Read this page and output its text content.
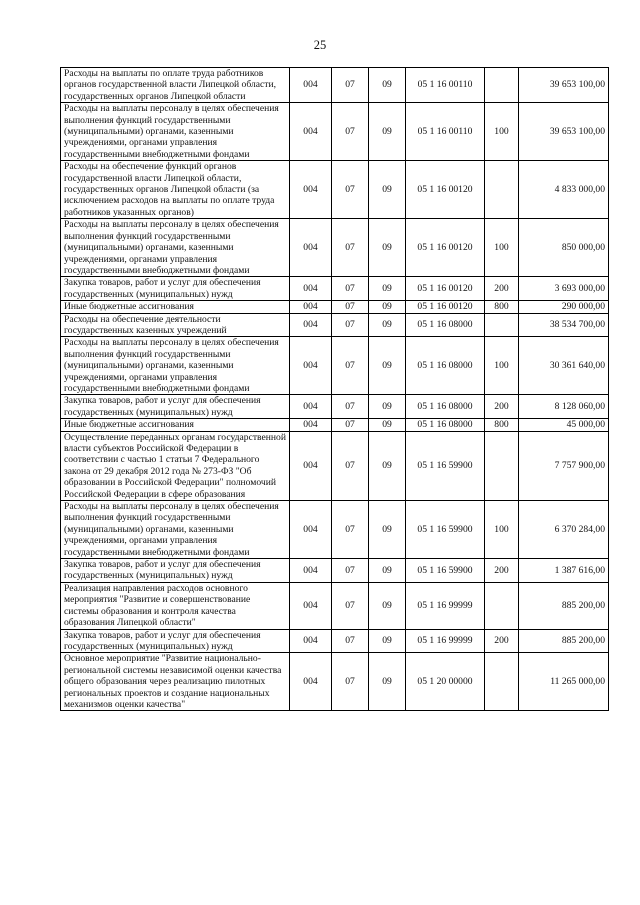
25
Расходы на выплаты по оплате труда работников органов государственной власти Липецкой области, государственных органов Липецкой области	004	07	09	05 1 16 00110		39 653 100,00
Расходы на выплаты персоналу в целях обеспечения выполнения функций государственными (муниципальными) органами, казенными учреждениями, органами управления государственными внебюджетными фондами	004	07	09	05 1 16 00110	100	39 653 100,00
Расходы на обеспечение функций органов государственной власти Липецкой области, государственных органов Липецкой области (за исключением расходов на выплаты по оплате труда работников указанных органов)	004	07	09	05 1 16 00120		4 833 000,00
Расходы на выплаты персоналу в целях обеспечения выполнения функций государственными (муниципальными) органами, казенными учреждениями, органами управления государственными внебюджетными фондами	004	07	09	05 1 16 00120	100	850 000,00
Закупка товаров, работ и услуг для обеспечения государственных (муниципальных) нужд	004	07	09	05 1 16 00120	200	3 693 000,00
Иные бюджетные ассигнования	004	07	09	05 1 16 00120	800	290 000,00
Расходы на обеспечение деятельности государственных казенных учреждений	004	07	09	05 1 16 08000		38 534 700,00
Расходы на выплаты персоналу в целях обеспечения выполнения функций государственными (муниципальными) органами, казенными учреждениями, органами управления государственными внебюджетными фондами	004	07	09	05 1 16 08000	100	30 361 640,00
Закупка товаров, работ и услуг для обеспечения государственных (муниципальных) нужд	004	07	09	05 1 16 08000	200	8 128 060,00
Иные бюджетные ассигнования	004	07	09	05 1 16 08000	800	45 000,00
Осуществление переданных органам государственной власти субъектов Российской Федерации в соответствии с частью 1 статьи 7 Федерального закона от 29 декабря 2012 года № 273-ФЗ "Об образовании в Российской Федерации" полномочий Российской Федерации в сфере образования	004	07	09	05 1 16 59900		7 757 900,00
Расходы на выплаты персоналу в целях обеспечения выполнения функций государственными (муниципальными) органами, казенными учреждениями, органами управления государственными внебюджетными фондами	004	07	09	05 1 16 59900	100	6 370 284,00
Закупка товаров, работ и услуг для обеспечения государственных (муниципальных) нужд	004	07	09	05 1 16 59900	200	1 387 616,00
Реализация направления расходов основного мероприятия "Развитие и совершенствование системы образования и контроля качества образования Липецкой области"	004	07	09	05 1 16 99999		885 200,00
Закупка товаров, работ и услуг для обеспечения государственных (муниципальных) нужд	004	07	09	05 1 16 99999	200	885 200,00
Основное мероприятие "Развитие национально-региональной системы независимой оценки качества общего образования через реализацию пилотных региональных проектов и создание национальных механизмов оценки качества"	004	07	09	05 1 20 00000		11 265 000,00
